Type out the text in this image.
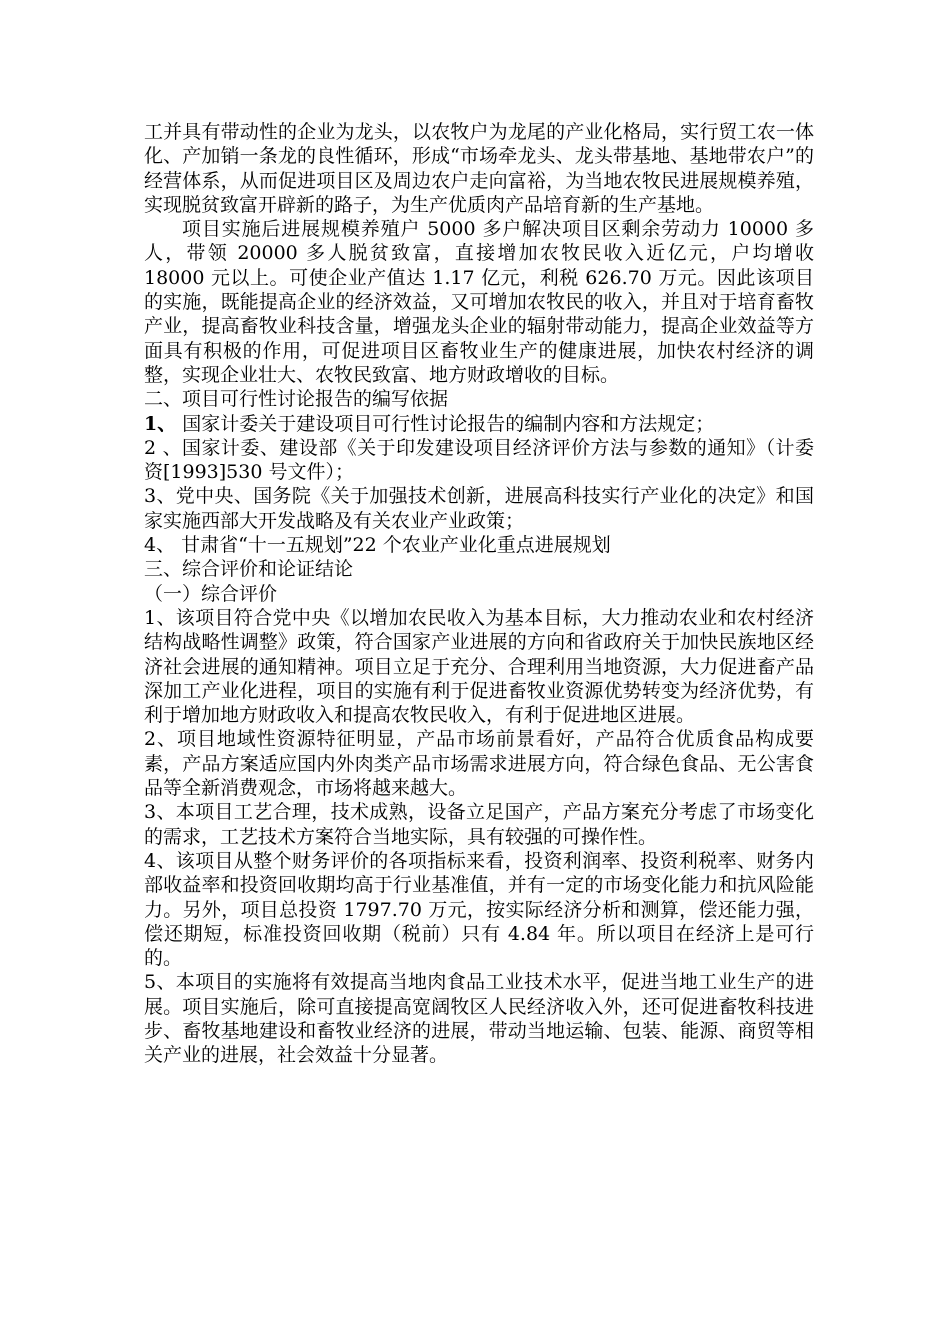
工并具有带动性的企业为龙头，以农牧户为龙尾的产业化格局，实行贸工农一体化、产加销一条龙的良性循环，形成“市场牵龙头、龙头带基地、基地带农户”的经营体系，从而促进项目区及周边农户走向富裕，为当地农牧民进展规模养殖，实现脱贫致富开辟新的路子，为生产优质肉产品培育新的生产基地。

项目实施后进展规模养殖户 5000 多户解决项目区剩余劳动力 10000 多人，带领 20000 多人脱贫致富，直接增加农牧民收入近亿元，户均增收 18000 元以上。可使企业产值达 1.17 亿元，利税 626.70 万元。因此该项目的实施，既能提高企业的经济效益，又可增加农牧民的收入，并且对于培育畜牧产业，提高畜牧业科技含量，增强龙头企业的辐射带动能力，提高企业效益等方面具有积极的作用，可促进项目区畜牧业生产的健康进展，加快农村经济的调整，实现企业壮大、农牧民致富、地方财政增收的目标。

二、项目可行性讨论报告的编写依据

1、 国家计委关于建设项目可行性讨论报告的编制内容和方法规定；

2 、国家计委、建设部《关于印发建设项目经济评价方法与参数的通知》（计委资[1993]530 号文件）；

3、党中央、国务院《关于加强技术创新，进展高科技实行产业化的决定》和国家实施西部大开发战略及有关农业产业政策；

4、 甘肃省“十一五规划”22 个农业产业化重点进展规划

三、综合评价和论证结论

（一）综合评价

1、该项目符合党中央《以增加农民收入为基本目标，大力推动农业和农村经济结构战略性调整》政策，符合国家产业进展的方向和省政府关于加快民族地区经济社会进展的通知精神。项目立足于充分、合理利用当地资源，大力促进畜产品深加工产业化进程，项目的实施有利于促进畜牧业资源优势转变为经济优势，有利于增加地方财政收入和提高农牧民收入，有利于促进地区进展。

2、项目地域性资源特征明显，产品市场前景看好，产品符合优质食品构成要素，产品方案适应国内外肉类产品市场需求进展方向，符合绿色食品、无公害食品等全新消费观念，市场将越来越大。

3、本项目工艺合理，技术成熟，设备立足国产，产品方案充分考虑了市场变化的需求，工艺技术方案符合当地实际，具有较强的可操作性。

4、该项目从整个财务评价的各项指标来看，投资利润率、投资利税率、财务内部收益率和投资回收期均高于行业基准值，并有一定的市场变化能力和抗风险能力。另外，项目总投资 1797.70 万元，按实际经济分析和测算，偿还能力强，偿还期短，标准投资回收期（税前）只有 4.84 年。所以项目在经济上是可行的。

5、本项目的实施将有效提高当地肉食品工业技术水平，促进当地工业生产的进展。项目实施后，除可直接提高宽阔牧区人民经济收入外，还可促进畜牧科技进步、畜牧基地建设和畜牧业经济的进展，带动当地运输、包装、能源、商贸等相关产业的进展，社会效益十分显著。
